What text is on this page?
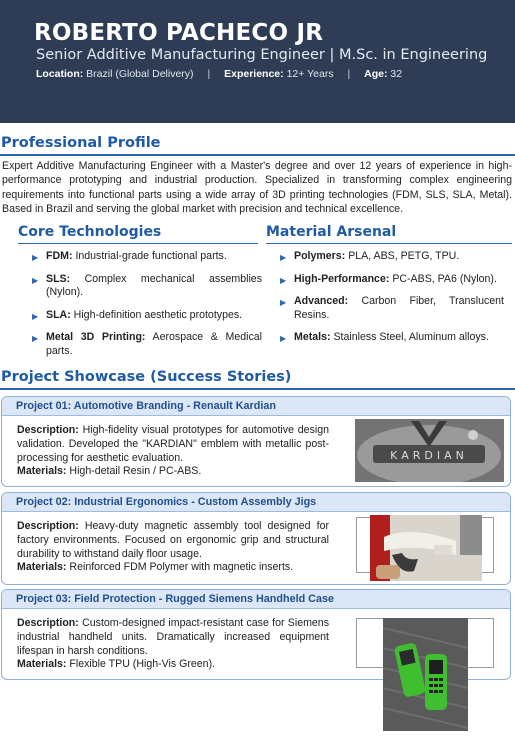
ROBERTO PACHECO JR
Senior Additive Manufacturing Engineer | M.Sc. in Engineering
Location: Brazil (Global Delivery) | Experience: 12+ Years | Age: 32
Professional Profile
Expert Additive Manufacturing Engineer with a Master's degree and over 12 years of experience in high-performance prototyping and industrial production. Specialized in transforming complex engineering requirements into functional parts using a wide array of 3D printing technologies (FDM, SLS, SLA, Metal). Based in Brazil and serving the global market with precision and technical excellence.
Core Technologies
▶ FDM: Industrial-grade functional parts.
▶ SLS: Complex mechanical assemblies (Nylon).
▶ SLA: High-definition aesthetic prototypes.
▶ Metal 3D Printing: Aerospace & Medical parts.
Material Arsenal
▶ Polymers: PLA, ABS, PETG, TPU.
▶ High-Performance: PC-ABS, PA6 (Nylon).
▶ Advanced: Carbon Fiber, Translucent Resins.
▶ Metals: Stainless Steel, Aluminum alloys.
Project Showcase (Success Stories)
Project 01: Automotive Branding - Renault Kardian
Description: High-fidelity visual prototypes for automotive design validation. Developed the "KARDIAN" emblem with metallic post-processing for aesthetic evaluation.
Materials: High-detail Resin / PC-ABS.
KARDIAN
Project 02: Industrial Ergonomics - Custom Assembly Jigs
Description: Heavy-duty magnetic assembly tool designed for factory environments. Focused on ergonomic grip and structural durability to withstand daily floor usage.
Materials: Reinforced FDM Polymer with magnetic inserts.
Project 03: Field Protection - Rugged Siemens Handheld Case
Description: Custom-designed impact-resistant case for Siemens industrial handheld units. Dramatically increased equipment lifespan in harsh conditions.
Materials: Flexible TPU (High-Vis Green).
